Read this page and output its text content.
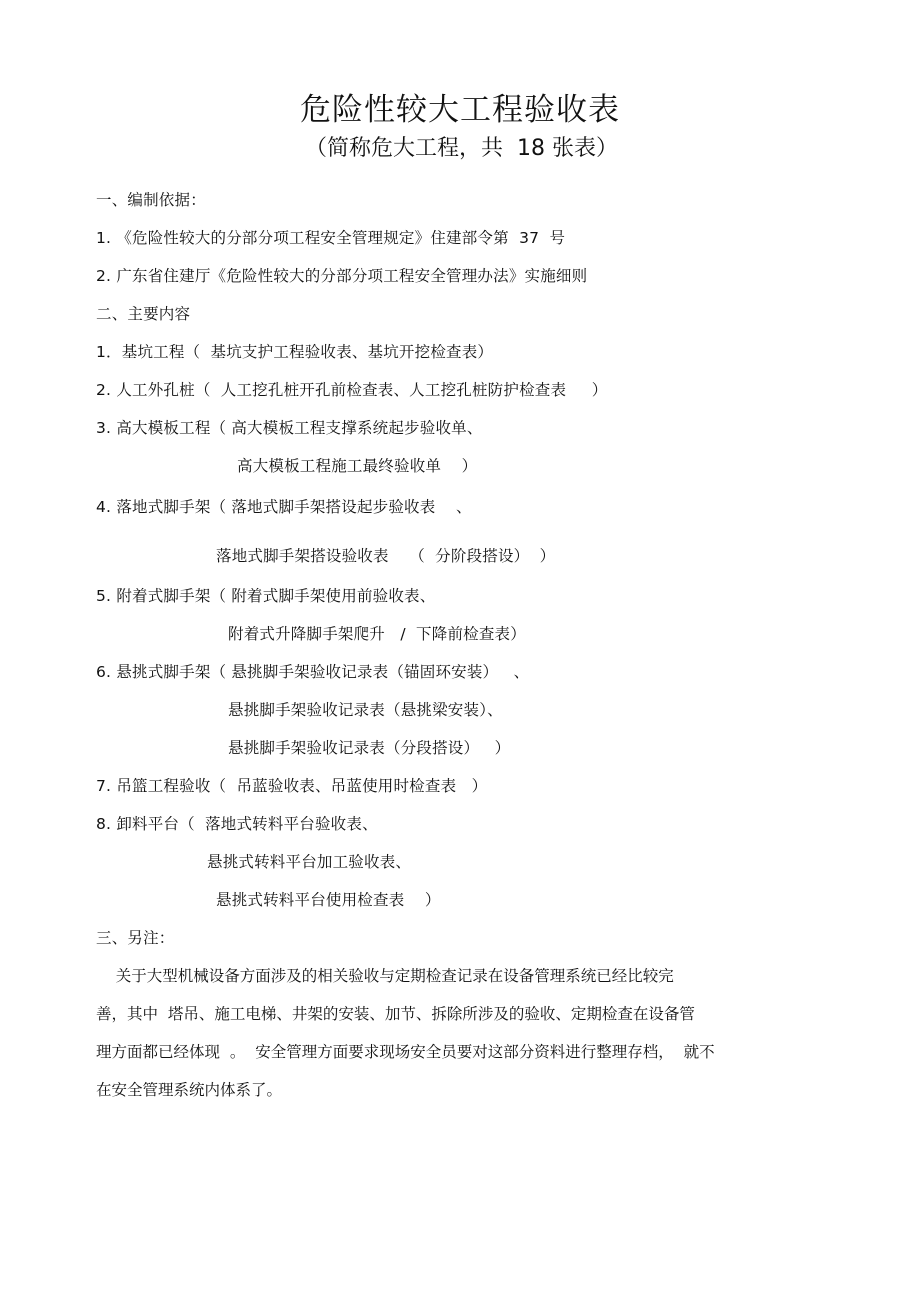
危险性较大工程验收表
（简称危大工程，共  18 张表）
一、编制依据：
1. 《危险性较大的分部分项工程安全管理规定》住建部令第  37  号
2. 广东省住建厅《危险性较大的分部分项工程安全管理办法》实施细则
二、主要内容
1．基坑工程（  基坑支护工程验收表、基坑开挖检查表）
2. 人工外孔桩（  人工挖孔桩开孔前检查表、人工挖孔桩防护检查表     ）
3. 高大模板工程（ 高大模板工程支撑系统起步验收单、
高大模板工程施工最终验收单    ）
4. 落地式脚手架（ 落地式脚手架搭设起步验收表    、
落地式脚手架搭设验收表    （  分阶段搭设）  ）
5. 附着式脚手架（ 附着式脚手架使用前验收表、
附着式升降脚手架爬升   /  下降前检查表）
6. 悬挑式脚手架（ 悬挑脚手架验收记录表（锚固环安装）   、
悬挑脚手架验收记录表（悬挑梁安装）、
悬挑脚手架验收记录表（分段搭设）   ）
7. 吊篮工程验收（  吊蓝验收表、吊蓝使用时检查表   ）
8. 卸料平台（  落地式转料平台验收表、
悬挑式转料平台加工验收表、
悬挑式转料平台使用检查表    ）
三、另注：
关于大型机械设备方面涉及的相关验收与定期检查记录在设备管理系统已经比较完
善，其中  塔吊、施工电梯、井架的安装、加节、拆除所涉及的验收、定期检查在设备管
理方面都已经体现  。  安全管理方面要求现场安全员要对这部分资料进行整理存档，  就不
在安全管理系统内体系了。
